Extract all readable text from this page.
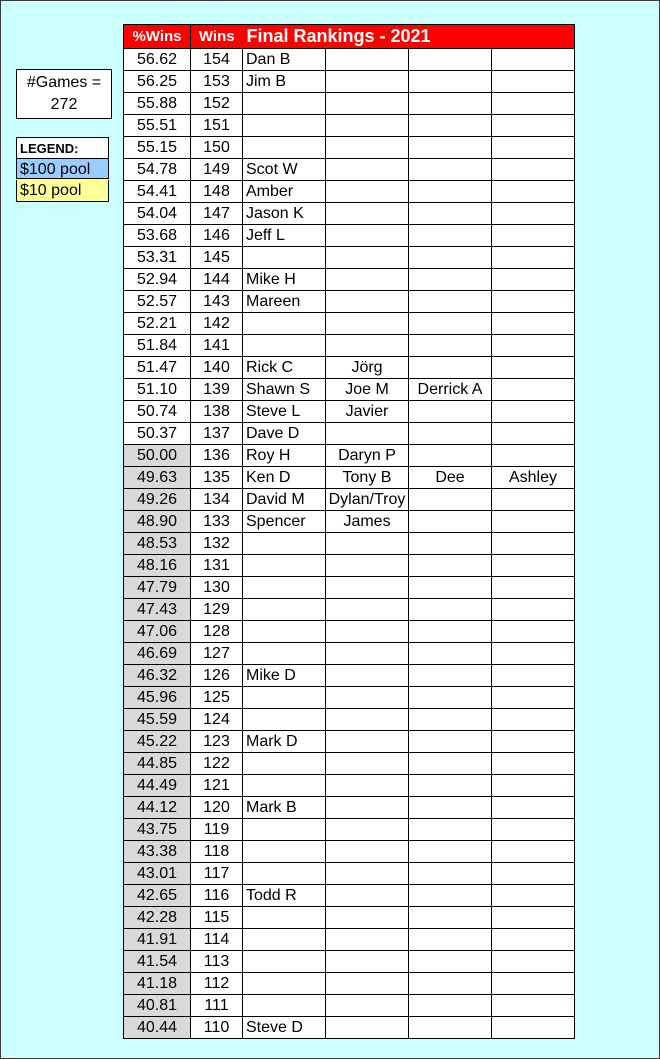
#Games =
272
LEGEND:
$100 pool
$10 pool
%Wins	Wins	Final Rankings - 2021			
56.62	154	Dan B			
56.25	153	Jim B			
55.88	152				
55.51	151				
55.15	150				
54.78	149	Scot W			
54.41	148	Amber			
54.04	147	Jason K			
53.68	146	Jeff L			
53.31	145				
52.94	144	Mike H			
52.57	143	Mareen			
52.21	142				
51.84	141				
51.47	140	Rick C	Jörg		
51.10	139	Shawn S	Joe M	Derrick A	
50.74	138	Steve L	Javier		
50.37	137	Dave D			
50.00	136	Roy H	Daryn P		
49.63	135	Ken D	Tony B	Dee	Ashley
49.26	134	David M	Dylan/Troy		
48.90	133	Spencer	James		
48.53	132				
48.16	131				
47.79	130				
47.43	129				
47.06	128				
46.69	127				
46.32	126	Mike D			
45.96	125				
45.59	124				
45.22	123	Mark D			
44.85	122				
44.49	121				
44.12	120	Mark B			
43.75	119				
43.38	118				
43.01	117				
42.65	116	Todd R			
42.28	115				
41.91	114				
41.54	113				
41.18	112				
40.81	111				
40.44	110	Steve D			
